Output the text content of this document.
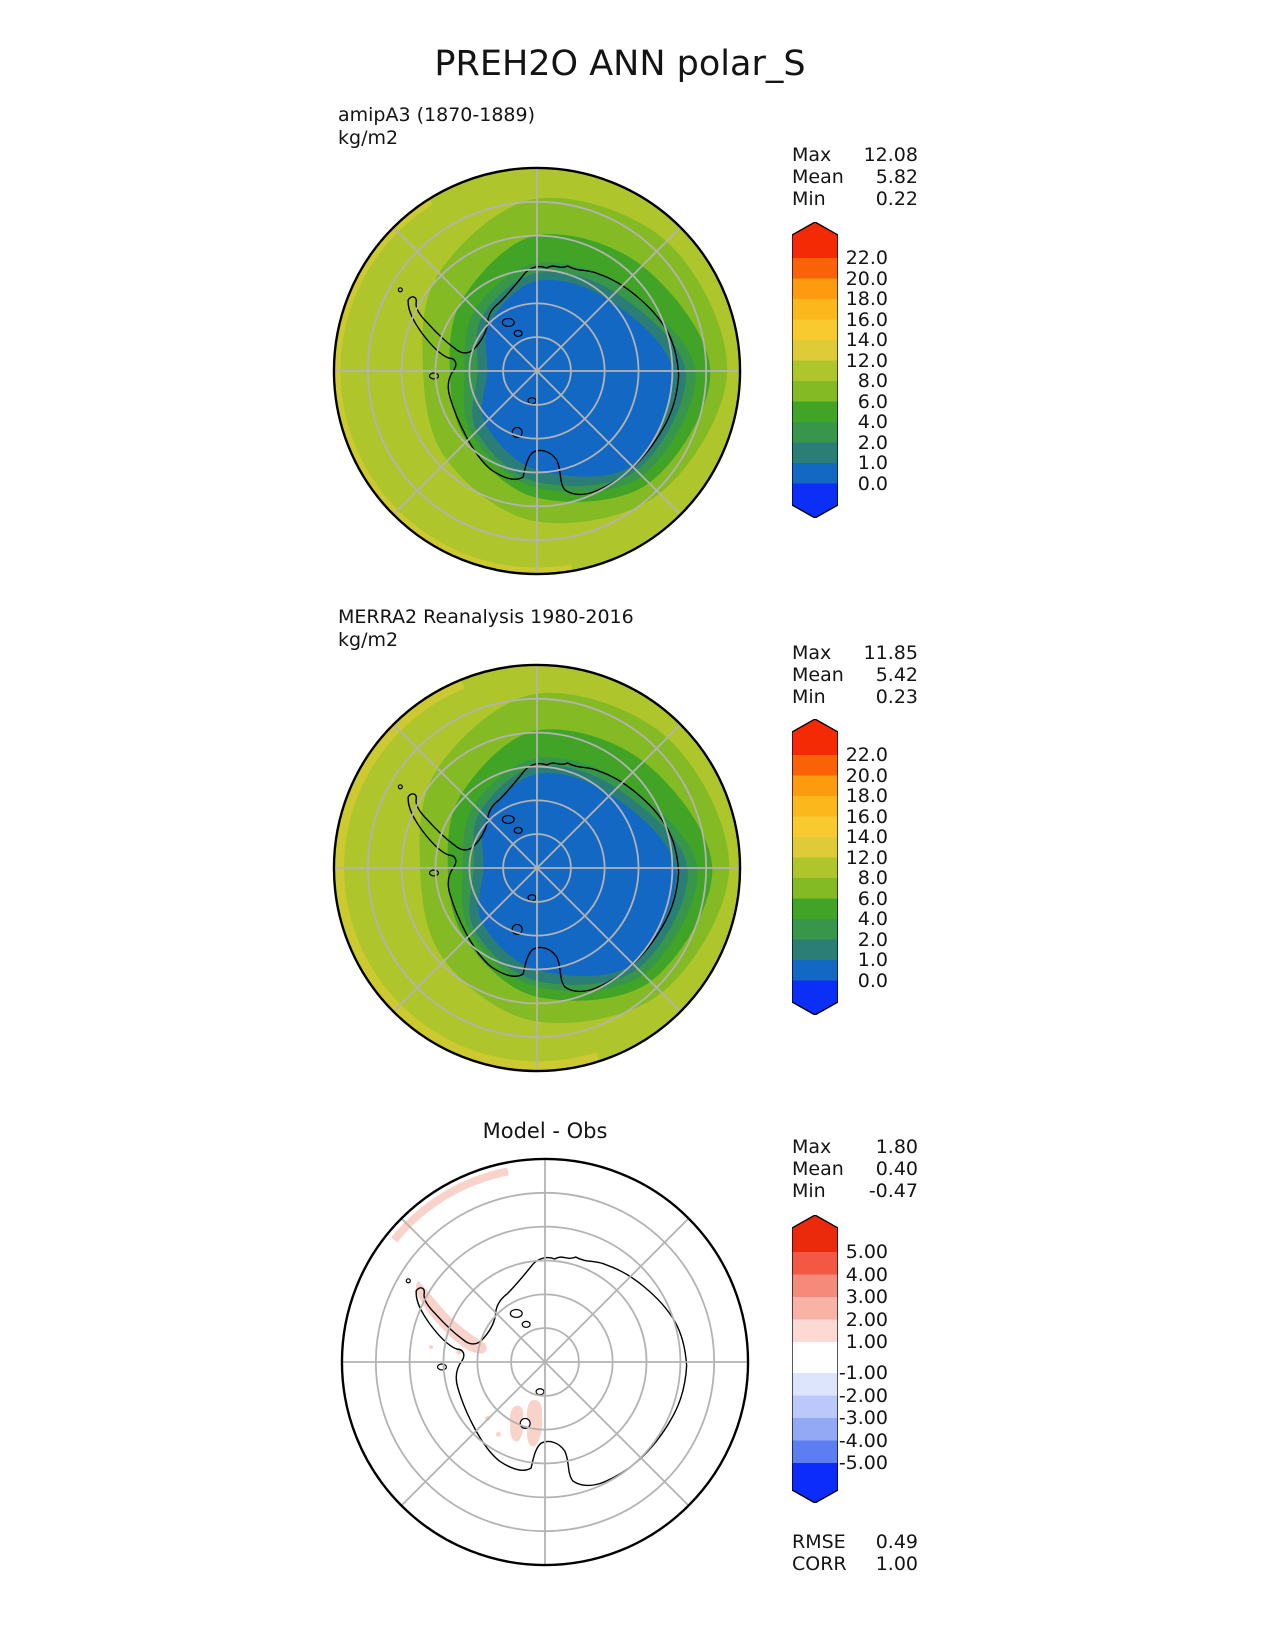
PREH2O ANN polar_S
amipA3 (1870-1889)
kg/m2
Max 12.08
Mean 5.82
Min	0.22
22.0
20.0
18.0
16.0
14.0
12.0
8.0
6.0
4.0
2.0
1.0
0.0
MERRA2 Reanalysis 1980-2016
kg/m2
Max 11.85
Mean 5.42
Min	0.23
22.0
20.0
18.0
16.0
14.0
12.0
8.0
6.0
4.0
2.0
1.0
0.0
Model - Obs
Max 1.80
Mean 0.40
Min -0.47
RMSE 0.49
CORR 1.00
5.00
4.00
3.00
2.00
1.00
-1.00
-2.00
-3.00
-4.00
-5.00
